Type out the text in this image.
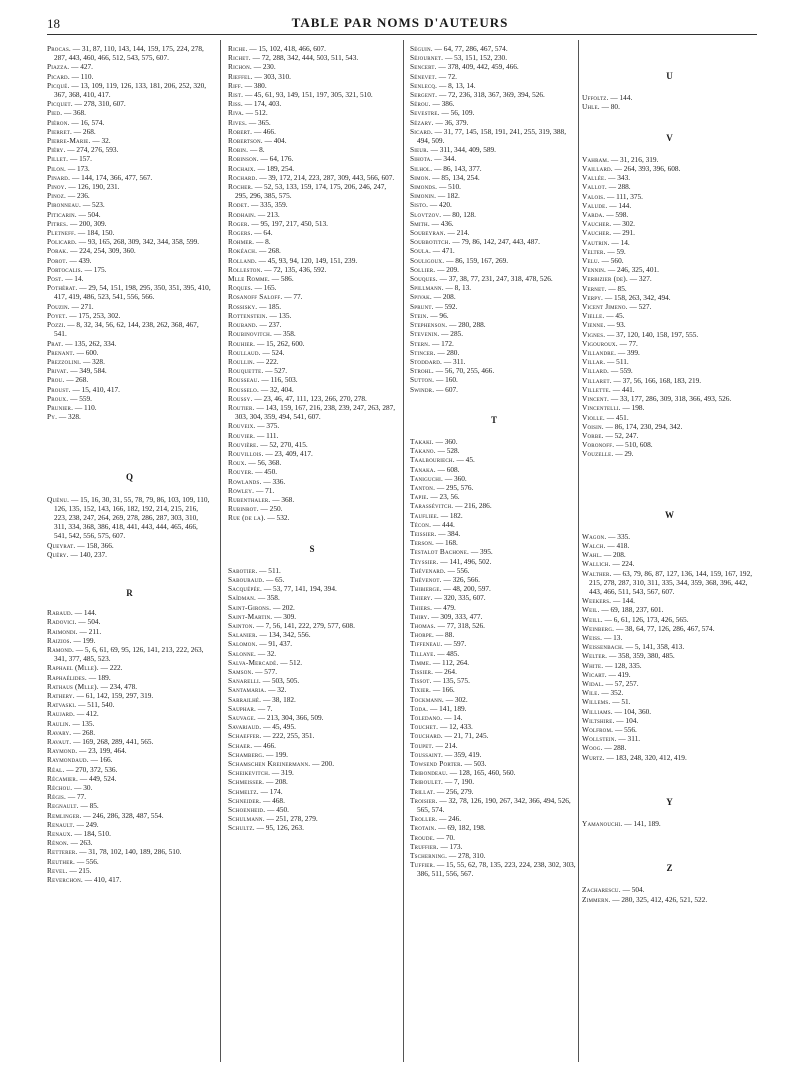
18	TABLE PAR NOMS D'AUTEURS

Procas. — 31, 87, 110, 143, 144, 159, 175, 224, 278, 287, 443, 460, 466, 512, 543, 575, 607.

Piazza. — 427.

Picard. — 110.

Picqué. — 13, 109, 119, 126, 133, 181, 206, 252, 320, 367, 368, 410, 417.

Picquet. — 278, 310, 607.

Pied. — 368.

Piéron. — 16, 574.

Pierret. — 268.

Pierre-Marie. — 32.

Piéry. — 274, 276, 593.

Pillet. — 157.

Pilon. — 173.

Pinard. — 144, 174, 366, 477, 567.

Pinoy. — 126, 190, 231.

Pinoz. — 236.

Pironneau. — 523.

Piticarin. — 504.

Pitres. — 200, 309.

Pletneff. — 184, 150.

Policard. — 93, 165, 268, 309, 342, 344, 358, 599.

Porak. — 224, 254, 309, 360.

Porot. — 439.

Portocalis. — 175.

Post. — 14.

Pothérat. — 29, 54, 151, 198, 295, 350, 351, 395, 410, 417, 419, 486, 523, 541, 556, 566.

Pouzin. — 271.

Poyet. — 175, 253, 302.

Pozzi. — 8, 32, 34, 56, 62, 144, 238, 262, 368, 467, 541.

Prat. — 135, 262, 334.

Prenant. — 600.

Prezzolini. — 328.

Privat. — 349, 584.

Prou. — 268.

Proust. — 15, 410, 417.

Proux. — 559.

Prunier. — 110.

Py. — 328.

Q

Quénu. — 15, 16, 30, 31, 55, 78, 79, 86, 103, 109, 110, 126, 135, 152, 143, 166, 182, 192, 214, 215, 216, 223, 238, 247, 264, 269, 278, 286, 287, 303, 310, 311, 334, 368, 386, 418, 441, 443, 444, 465, 466, 541, 542, 556, 575, 607.

Queyrat. — 158, 366.

Quéry. — 140, 237.

R

Rabaud. — 144.

Radovici. — 504.

Raimondi. — 211.

Raizios. — 199.

Ramond. — 5, 6, 61, 69, 95, 126, 141, 213, 222, 263, 341, 377, 485, 523.

Raphael (Mlle). — 222.

Raphaélides. — 189.

Rathaus (Mlle). — 234, 478.

Rathery. — 61, 142, 159, 297, 319.

Ratvaski. — 511, 540.

Raujard. — 412.

Raulin. — 135.

Ravary. — 268.

Ravaut. — 169, 268, 289, 441, 565.

Raymond. — 23, 199, 464.

Raymondaud. — 166.

Réal. — 270, 372, 536.

Récamier. — 449, 524.

Réchou. — 30.

Régis. — 77.

Regnault. — 85.

Remlinger. — 246, 286, 328, 487, 554.

Renault. — 249.

Renaux. — 184, 510.

Rénon. — 263.

Retterer. — 31, 78, 102, 140, 189, 286, 510.

Reuther. — 556.

Revel. — 215.

Reverchon. — 410, 417.

Riche. — 15, 102, 418, 466, 607.

Richet. — 72, 288, 342, 444, 503, 511, 543.

Richon. — 230.

Rieffel. — 303, 310.

Riff. — 380.

Rist. — 45, 61, 93, 149, 151, 197, 305, 321, 510.

Riss. — 174, 403.

Riva. — 512.

Rives. — 365.

Robert. — 466.

Robertson. — 404.

Robin. — 8.

Robinson. — 64, 176.

Rochaix. — 189, 254.

Rochard. — 39, 172, 214, 223, 287, 309, 443, 566, 607.

Rocher. — 52, 53, 133, 159, 174, 175, 206, 246, 247, 295, 296, 385, 575.

Rodet. — 335, 359.

Rodhain. — 213.

Roger. — 95, 197, 217, 450, 513.

Rogers. — 64.

Rohmer. — 8.

Rokéach. — 268.

Rolland. — 45, 93, 94, 120, 149, 151, 239.

Rolleston. — 72, 135, 436, 592.

Mlle Romme. — 586.

Roques. — 165.

Rosanoff Saloff. — 77.

Rossisky. — 185.

Rottenstein. — 135.

Rouband. — 237.

Roubinovitch. — 358.

Rouhier. — 15, 262, 600.

Roullaud. — 524.

Roullin. — 222.

Rouquette. — 527.

Rousseau. — 116, 503.

Rousselo. — 32, 404.

Roussy. — 23, 46, 47, 111, 123, 266, 270, 278.

Routier. — 143, 159, 167, 216, 238, 239, 247, 263, 287, 303, 304, 359, 494, 541, 607.

Rouveix. — 375.

Rouvier. — 111.

Rouvière. — 52, 270, 415.

Rouvillois. — 23, 409, 417.

Roux. — 56, 368.

Rouyer. — 450.

Rowlands. — 336.

Rowley. — 71.

Rubenthaler. — 368.

Rubinrot. — 250.

Rue (de la). — 532.

S

Sabotier. — 511.

Sabouraud. — 65.

Sacquépée. — 53, 77, 141, 194, 394.

Saïdman. — 358.

Saint-Girons. — 202.

Saint-Martin. — 309.

Sainton. — 7, 56, 141, 222, 279, 577, 608.

Salanier. — 134, 342, 556.

Salomon. — 91, 437.

Salonne. — 32.

Salva-Mercadé. — 512.

Samson. — 577.

Sanarelli. — 503, 505.

Santamaria. — 32.

Sarrailhé. — 38, 182.

Sauphar. — 7.

Sauvage. — 213, 304, 366, 509.

Savariaud. — 45, 495.

Schaeffer. — 222, 255, 351.

Schaer. — 466.

Schamberg. — 199.

Schamschen Kreinermann. — 200.

Scheikevitch. — 319.

Schmeisser. — 208.

Schmeltz. — 174.

Schneider. — 468.

Schoenheid. — 450.

Schulmann. — 251, 278, 279.

Schultz. — 95, 126, 263.

Séguin. — 64, 77, 286, 467, 574.

Séjournet. — 53, 151, 152, 230.

Sencert. — 378, 409, 442, 459, 466.

Sénevet. — 72.

Senlecq. — 8, 13, 14.

Sergent. — 72, 236, 318, 367, 369, 394, 526.

Sérou. — 386.

Sevestre. — 56, 109.

Sézary. — 36, 379.

Sicard. — 31, 77, 145, 158, 191, 241, 255, 319, 388, 494, 509.

Sieur. — 311, 344, 409, 589.

Sihota. — 344.

Silhol. — 86, 143, 377.

Simon. — 85, 134, 254.

Simonds. — 510.

Simonin. — 182.

Sisto. — 420.

Slovtzov. — 80, 128.

Smith. — 436.

Soubeyran. — 214.

Soubbotitch. — 79, 86, 142, 247, 443, 487.

Soula. — 471.

Souligoux. — 86, 159, 167, 269.

Sollier. — 209.

Souques. — 37, 38, 77, 231, 247, 318, 478, 526.

Spillmann. — 8, 13.

Spivak. — 208.

Sprunt. — 592.

Stein. — 96.

Stephenson. — 280, 288.

Stevenin. — 285.

Stern. — 172.

Stincer. — 280.

Stoddard. — 311.

Strohl. — 56, 70, 255, 466.

Sutton. — 160.

Swindr. — 607.

T

Takaki. — 360.

Takano. — 528.

Taalbouriech. — 45.

Tanaka. — 608.

Taniguchi. — 360.

Tanton. — 295, 576.

Tapie. — 23, 56.

Tarassévitch. — 216, 286.

Taufliee. — 182.

Técon. — 444.

Teissier. — 384.

Terson. — 168.

Testalot Bachone. — 395.

Teyssier. — 141, 496, 502.

Thévenard. — 556.

Thévenot. — 326, 566.

Thibierge. — 48, 200, 597.

Thiery. — 320, 335, 607.

Thiers. — 479.

Thiry. — 309, 333, 477.

Thomas. — 77, 318, 526.

Thorpe. — 88.

Tiffeneau. — 597.

Tillaye. — 485.

Timme. — 112, 264.

Tissier. — 264.

Tissot. — 135, 575.

Tixier. — 166.

Tockmann. — 302.

Toda. — 141, 189.

Toledano. — 14.

Touchet. — 12, 433.

Touchard. — 21, 71, 245.

Toupet. — 214.

Toussaint. — 359, 419.

Towsend Porter. — 503.

Tribondeau. — 128, 165, 460, 560.

Triboulet. — 7, 190.

Trillat. — 256, 279.

Troisier. — 32, 78, 126, 190, 267, 342, 366, 494, 526, 565, 574.

Troller. — 246.

Trotain. — 69, 182, 198.

Troude. — 70.

Truffier. — 173.

Tscherning. — 278, 310.

Tuffier. — 15, 55, 62, 78, 135, 223, 224, 238, 302, 303, 386, 511, 556, 567.

U

Uffoltz. — 144.

Uhle. — 80.

V

Vahram. — 31, 216, 319.

Vaillard. — 264, 393, 396, 608.

Vallée. — 343.

Vallot. — 288.

Valois. — 111, 375.

Valude. — 144.

Varda. — 598.

Vaucher. — 302.

Vaucher. — 291.

Vautrin. — 14.

Velter. — 59.

Velu. — 560.

Vennin. — 246, 325, 401.

Verbizier (de). — 327.

Vernet. — 85.

Verpy. — 158, 263, 342, 494.

Vicent Jimeno. — 527.

Vielle. — 45.

Vienne. — 93.

Vignes. — 37, 120, 140, 158, 197, 555.

Vigouroux. — 77.

Villandre. — 399.

Villar. — 511.

Villard. — 559.

Villaret. — 37, 56, 166, 168, 183, 219.

Villette. — 441.

Vincent. — 33, 177, 286, 309, 318, 366, 493, 526.

Vincentelli. — 198.

Violle. — 451.

Voisin. — 86, 174, 230, 294, 342.

Vorbe. — 52, 247.

Voronoff. — 510, 608.

Vouzelle. — 29.

W

Wagon. — 335.

Walch. — 418.

Wahl. — 208.

Wallich. — 224.

Walther. — 63, 79, 86, 87, 127, 136, 144, 159, 167, 192, 215, 278, 287, 310, 311, 335, 344, 359, 368, 396, 442, 443, 466, 511, 543, 567, 607.

Weekers. — 144.

Weil. — 69, 188, 237, 601.

Weill. — 6, 61, 126, 173, 426, 565.

Weinberg. — 38, 64, 77, 126, 286, 467, 574.

Weiss. — 13.

Weissenbach. — 5, 141, 358, 413.

Welter. — 358, 359, 380, 485.

White. — 128, 335.

Wicart. — 419.

Widal. — 57, 257.

Wile. — 352.

Willems. — 51.

Williams. — 104, 360.

Wiltshire. — 104.

Wolfrom. — 556.

Wollstein. — 311.

Woog. — 288.

Wurtz. — 183, 248, 320, 412, 419.

Y

Yamanouchi. — 141, 189.

Z

Zacharescu. — 504.

Zimmern. — 280, 325, 412, 426, 521, 522.
